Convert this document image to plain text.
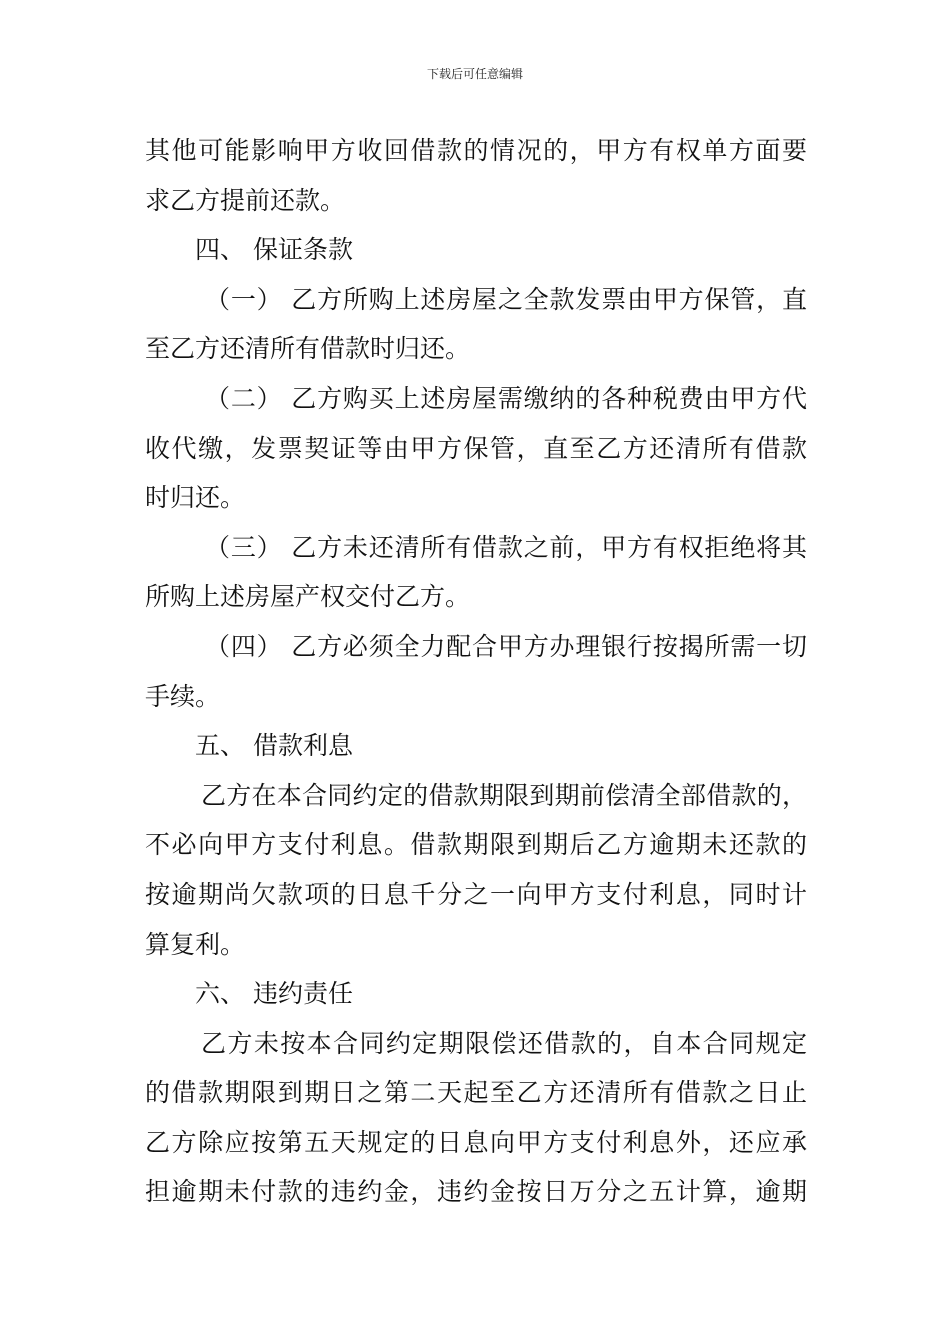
下载后可任意编辑
其他可能影响甲方收回借款的情况的，甲方有权单方面要
求乙方提前还款。
四、 保证条款
（一） 乙方所购上述房屋之全款发票由甲方保管，直
至乙方还清所有借款时归还。
（二） 乙方购买上述房屋需缴纳的各种税费由甲方代
收代缴，发票契证等由甲方保管，直至乙方还清所有借款
时归还。
（三） 乙方未还清所有借款之前，甲方有权拒绝将其
所购上述房屋产权交付乙方。
（四） 乙方必须全力配合甲方办理银行按揭所需一切
手续。
五、 借款利息
乙方在本合同约定的借款期限到期前偿清全部借款的，
不必向甲方支付利息。借款期限到期后乙方逾期未还款的
按逾期尚欠款项的日息千分之一向甲方支付利息，同时计
算复利。
六、 违约责任
乙方未按本合同约定期限偿还借款的，自本合同规定
的借款期限到期日之第二天起至乙方还清所有借款之日止
乙方除应按第五天规定的日息向甲方支付利息外，还应承
担逾期未付款的违约金，违约金按日万分之五计算，逾期
